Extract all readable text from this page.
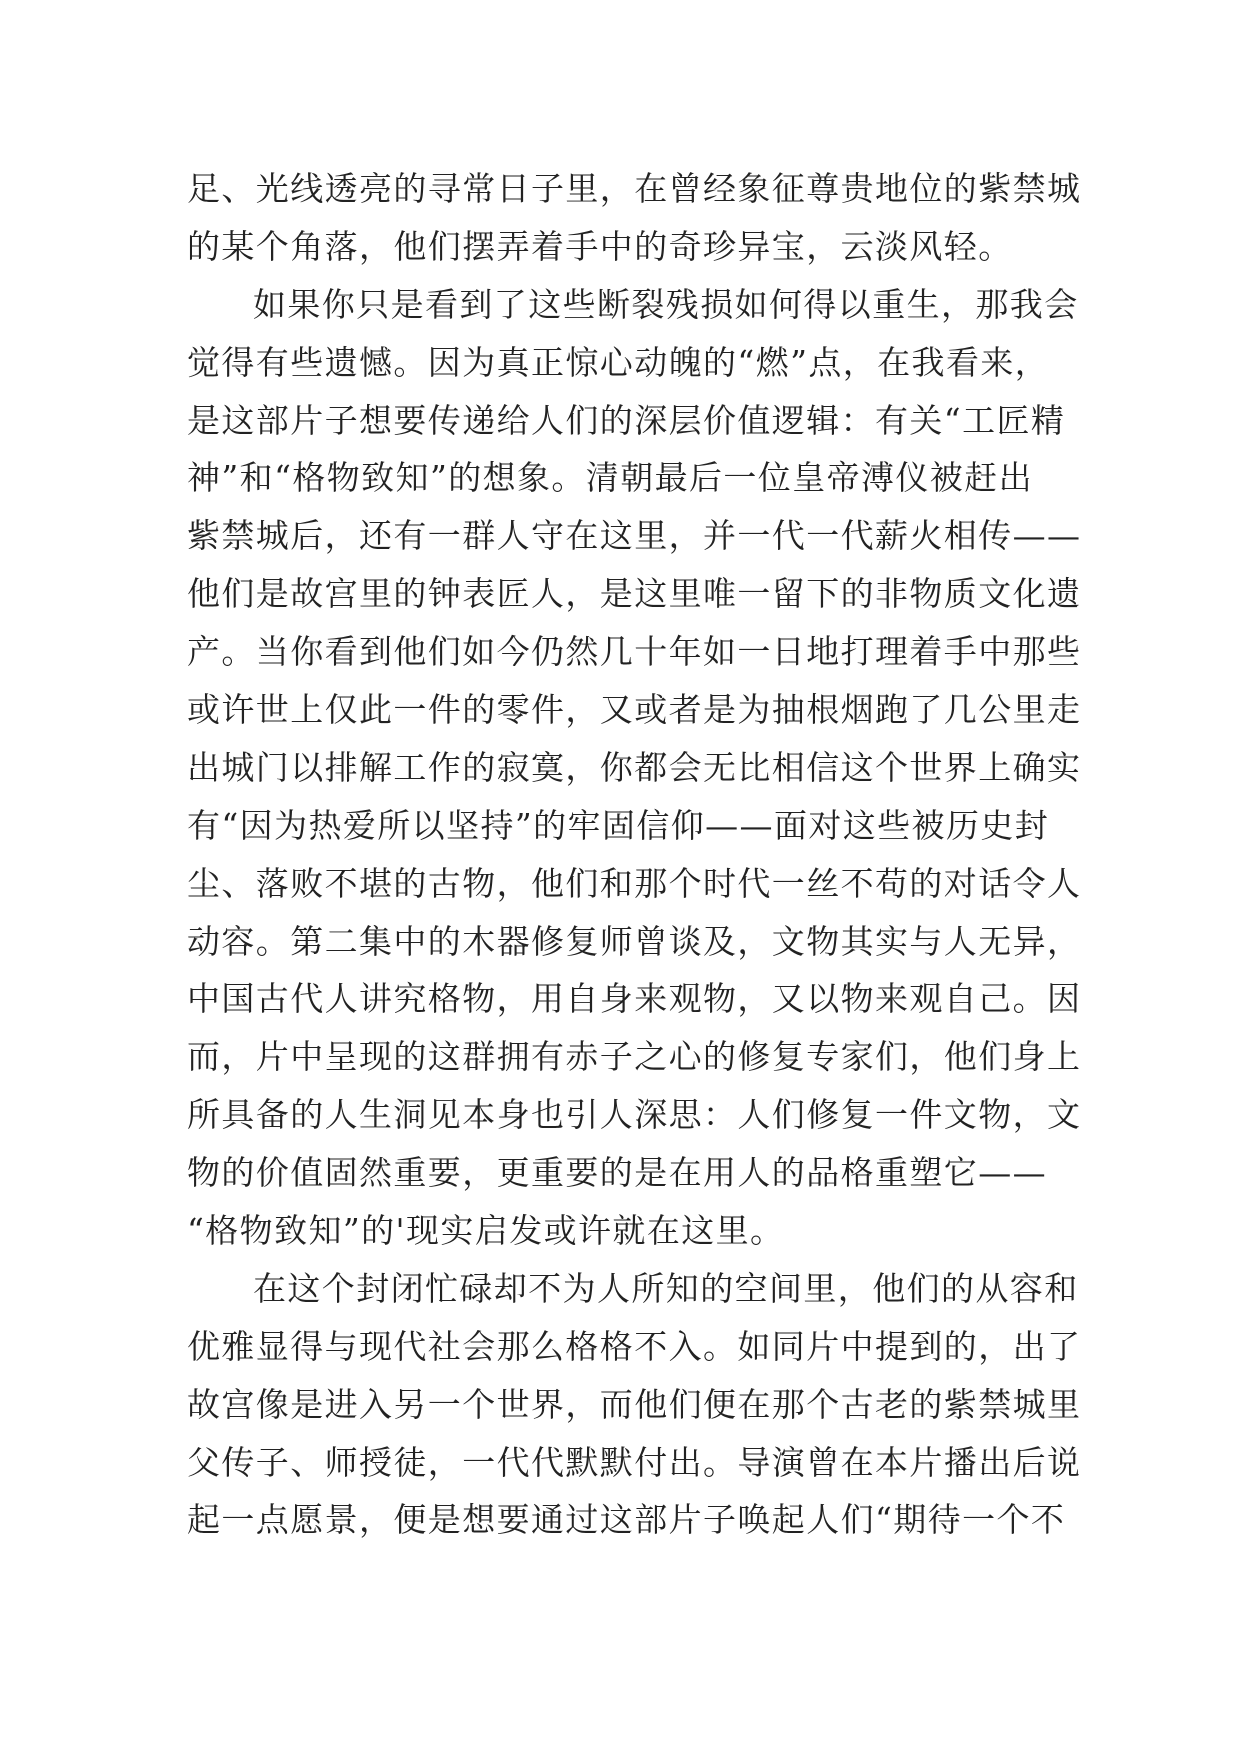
足、光线透亮的寻常日子里，在曾经象征尊贵地位的紫禁城
的某个角落，他们摆弄着手中的奇珍异宝，云淡风轻。
如果你只是看到了这些断裂残损如何得以重生，那我会
觉得有些遗憾。因为真正惊心动魄的“燃”点，在我看来，
是这部片子想要传递给人们的深层价值逻辑：有关“工匠精
神”和“格物致知”的想象。清朝最后一位皇帝溥仪被赶出
紫禁城后，还有一群人守在这里，并一代一代薪火相传——
他们是故宫里的钟表匠人，是这里唯一留下的非物质文化遗
产。当你看到他们如今仍然几十年如一日地打理着手中那些
或许世上仅此一件的零件，又或者是为抽根烟跑了几公里走
出城门以排解工作的寂寞，你都会无比相信这个世界上确实
有“因为热爱所以坚持”的牢固信仰——面对这些被历史封
尘、落败不堪的古物，他们和那个时代一丝不苟的对话令人
动容。第二集中的木器修复师曾谈及，文物其实与人无异，
中国古代人讲究格物，用自身来观物，又以物来观自己。因
而，片中呈现的这群拥有赤子之心的修复专家们，他们身上
所具备的人生洞见本身也引人深思：人们修复一件文物，文
物的价值固然重要，更重要的是在用人的品格重塑它——
“格物致知”的'现实启发或许就在这里。
在这个封闭忙碌却不为人所知的空间里，他们的从容和
优雅显得与现代社会那么格格不入。如同片中提到的，出了
故宫像是进入另一个世界，而他们便在那个古老的紫禁城里
父传子、师授徒，一代代默默付出。导演曾在本片播出后说
起一点愿景，便是想要通过这部片子唤起人们“期待一个不
